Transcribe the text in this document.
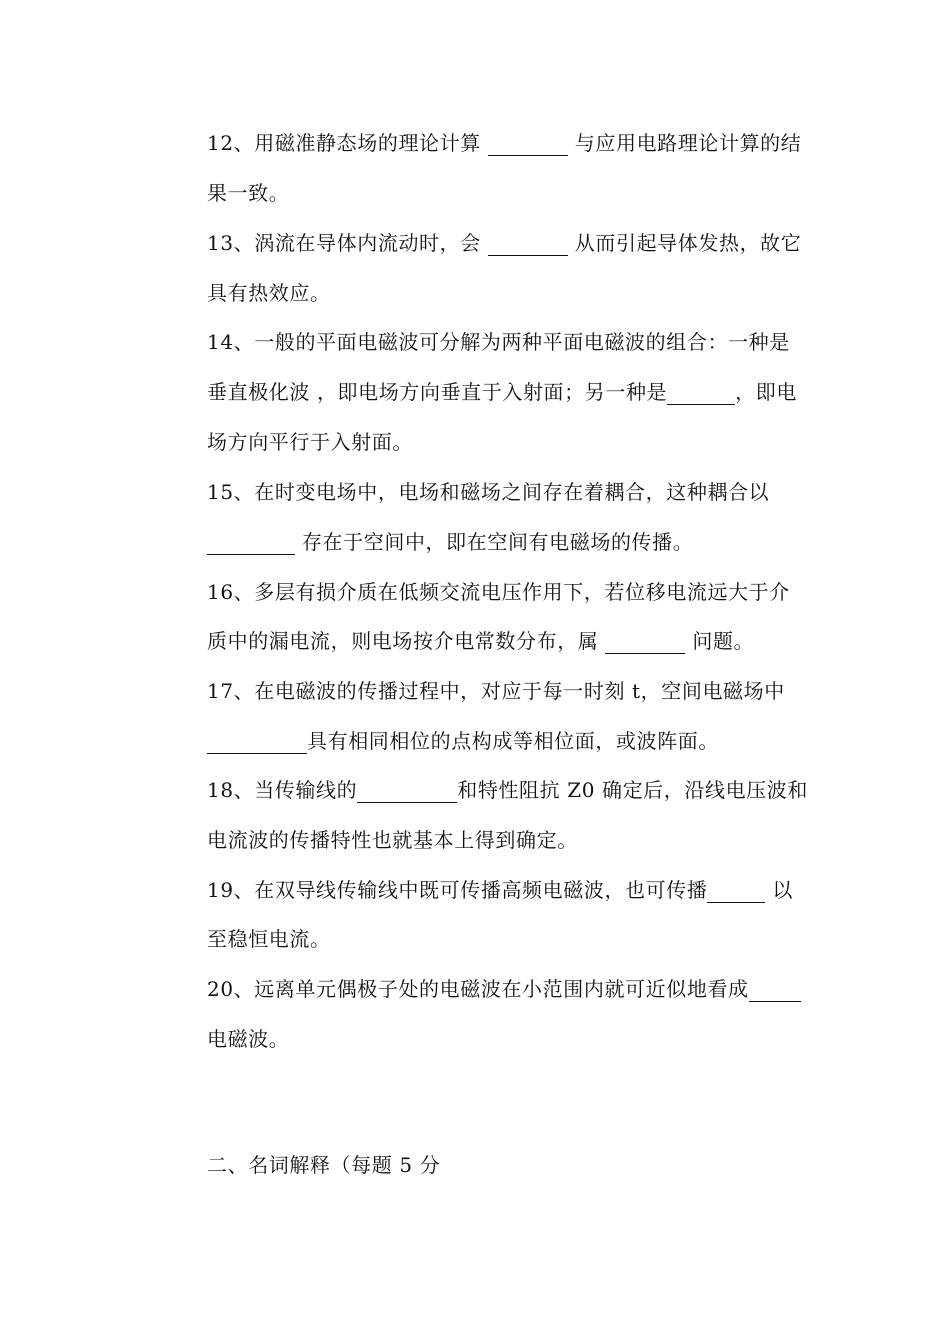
12、用磁准静态场的理论计算	与应用电路理论计算的结
果一致。
13、涡流在导体内流动时，会	从而引起导体发热，故它
具有热效应。
14、一般的平面电磁波可分解为两种平面电磁波的组合：一种是
垂直极化波 ，即电场方向垂直于入射面；另一种是	，即电
场方向平行于入射面。
15、在时变电场中，电场和磁场之间存在着耦合，这种耦合以
存在于空间中，即在空间有电磁场的传播。
16、多层有损介质在低频交流电压作用下，若位移电流远大于介
质中的漏电流，则电场按介电常数分布，属	问题。
17、在电磁波的传播过程中，对应于每一时刻 t，空间电磁场中
具有相同相位的点构成等相位面，或波阵面。
18、当传输线的	和特性阻抗 Z0 确定后，沿线电压波和
电流波的传播特性也就基本上得到确定。
19、在双导线传输线中既可传播高频电磁波，也可传播	以
至稳恒电流。
20、远离单元偶极子处的电磁波在小范围内就可近似地看成
电磁波。
二、名词解释（每题 5 分
